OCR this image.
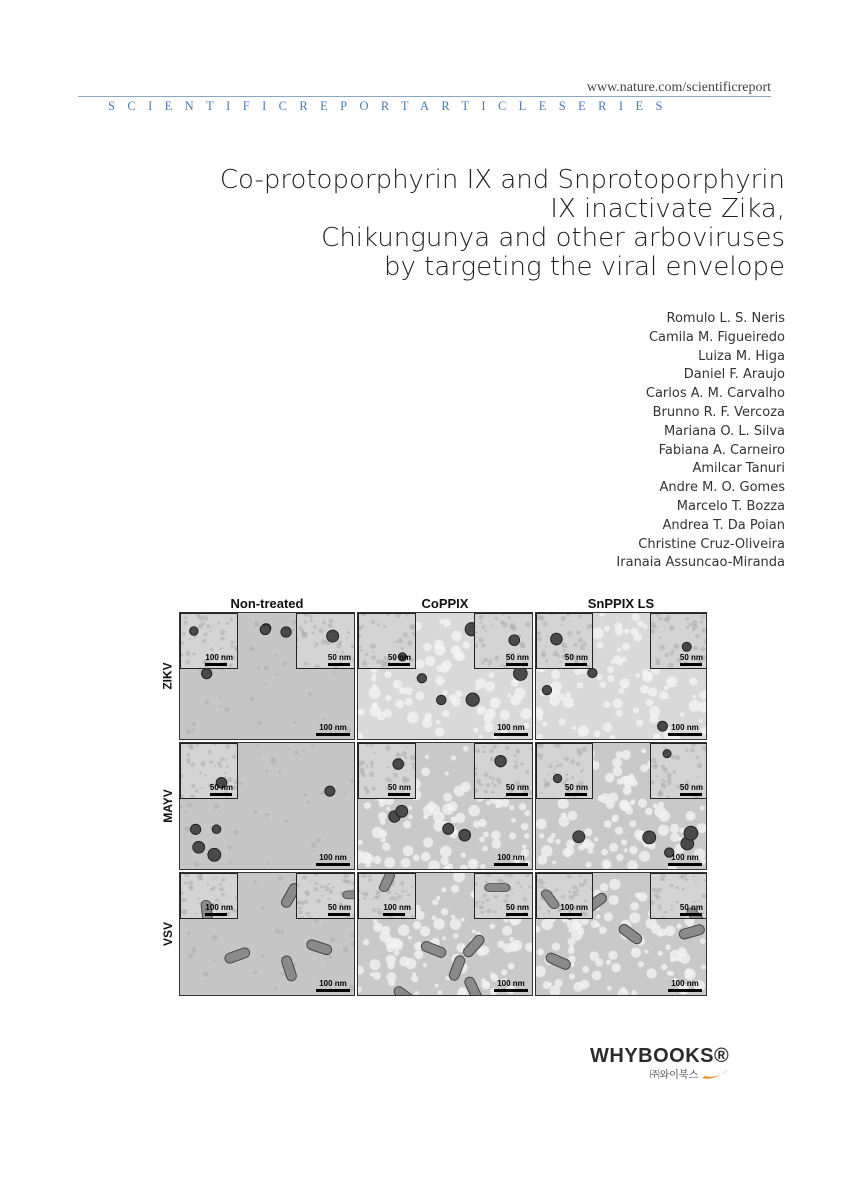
www.nature.com/scientificreport
SCIENTIFICREPORTARTICLESERIES
Co-protoporphyrin IX and Snprotoporphyrin
IX inactivate Zika,
Chikungunya and other arboviruses
by targeting the viral envelope
Romulo L. S. Neris
Camila M. Figueiredo
Luiza M. Higa
Daniel F. Araujo
Carlos A. M. Carvalho
Brunno R. F. Vercoza
Mariana O. L. Silva
Fabiana A. Carneiro
Amilcar Tanuri
Andre M. O. Gomes
Marcelo T. Bozza
Andrea T. Da Poian
Christine Cruz-Oliveira
Iranaia Assuncao-Miranda
Non-treated	CoPPIX	SnPPIX LS
ZIKV
MAYV
VSV
100 nm	50 nm
100 nm
50 nm	50 nm
100 nm
50 nm	50 nm
100 nm
50 nm
100 nm
50 nm	50 nm
100 nm
50 nm	50 nm
100 nm
100 nm	50 nm
100 nm
100 nm	50 nm
100 nm
100 nm	50 nm
100 nm
WHYBOOKS®
㈜와이북스
